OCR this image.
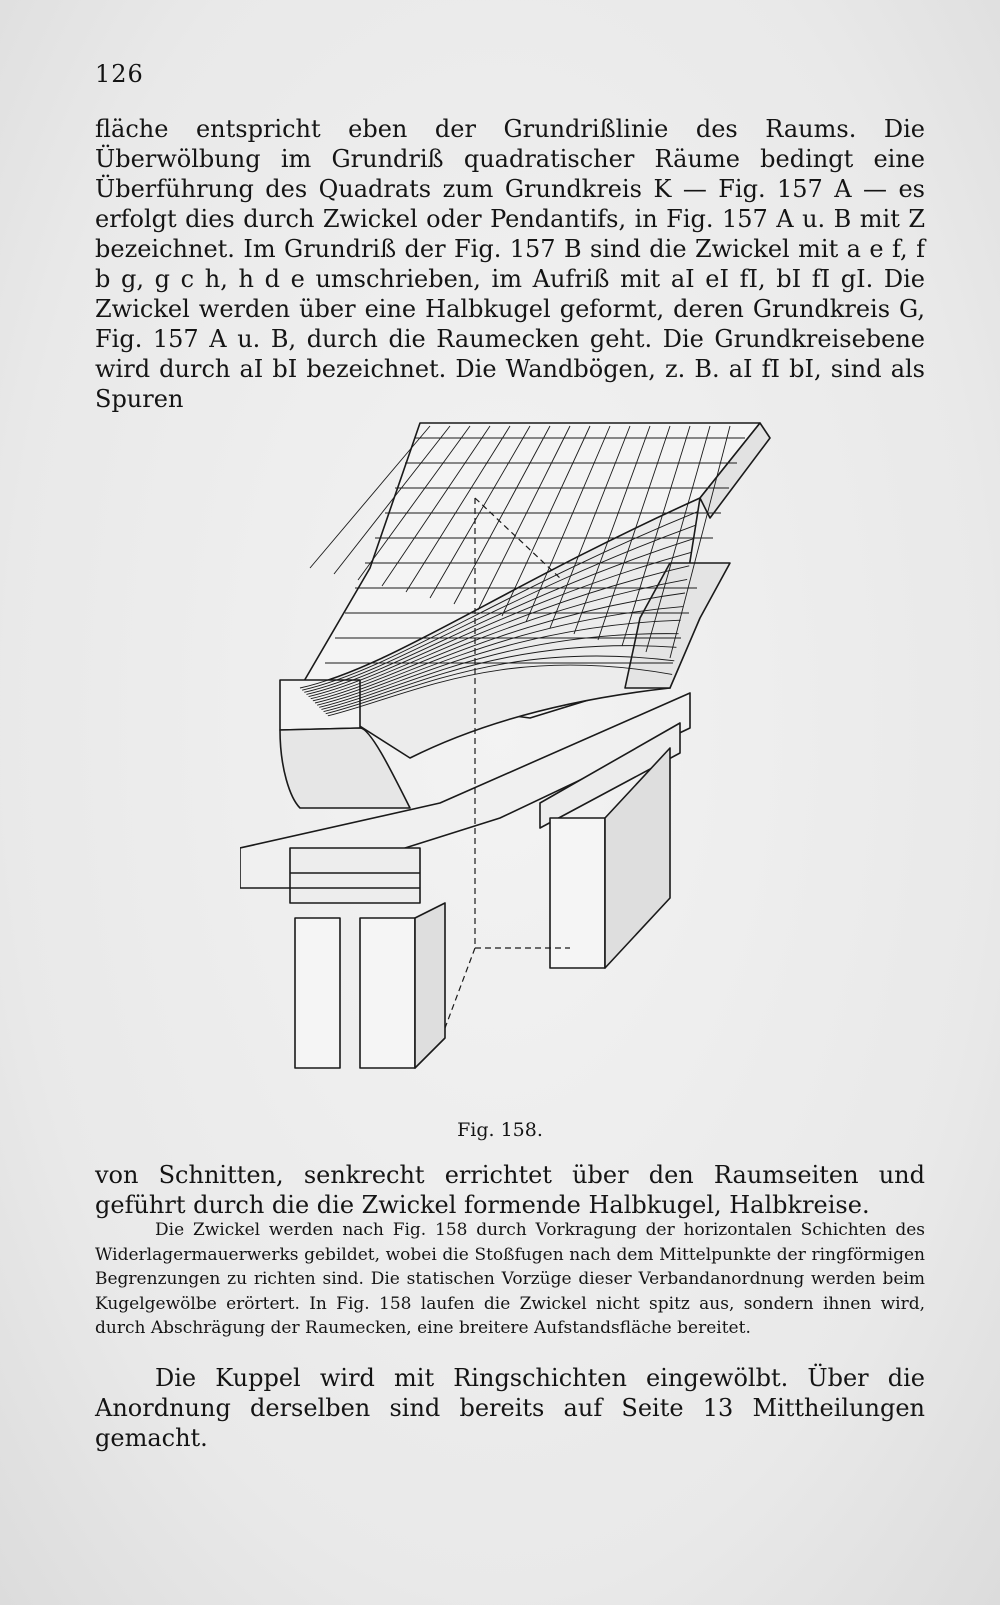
126

fläche entspricht eben der Grundrißlinie des Raums. Die Überwölbung im Grundriß quadratischer Räume bedingt eine Überführung des Quadrats zum Grundkreis K — Fig. 157 A — es erfolgt dies durch Zwickel oder Pendantifs, in Fig. 157 A u. B mit Z bezeichnet. Im Grundriß der Fig. 157 B sind die Zwickel mit a e f, f b g, g c h, h d e umschrieben, im Aufriß mit aI eI fI, bI fI gI. Die Zwickel werden über eine Halbkugel geformt, deren Grundkreis G, Fig. 157 A u. B, durch die Raumecken geht. Die Grundkreisebene wird durch aI bI bezeichnet. Die Wandbögen, z. B. aI fI bI, sind als Spuren

Fig. 158.

von Schnitten, senkrecht errichtet über den Raumseiten und geführt durch die die Zwickel formende Halbkugel, Halbkreise.

Die Zwickel werden nach Fig. 158 durch Vorkragung der horizontalen Schichten des Widerlagermauerwerks gebildet, wobei die Stoßfugen nach dem Mittelpunkte der ringförmigen Begrenzungen zu richten sind. Die statischen Vorzüge dieser Verbandanordnung werden beim Kugelgewölbe erörtert. In Fig. 158 laufen die Zwickel nicht spitz aus, sondern ihnen wird, durch Abschrägung der Raumecken, eine breitere Aufstandsfläche bereitet.

Die Kuppel wird mit Ringschichten eingewölbt. Über die Anordnung derselben sind bereits auf Seite 13 Mittheilungen gemacht.
